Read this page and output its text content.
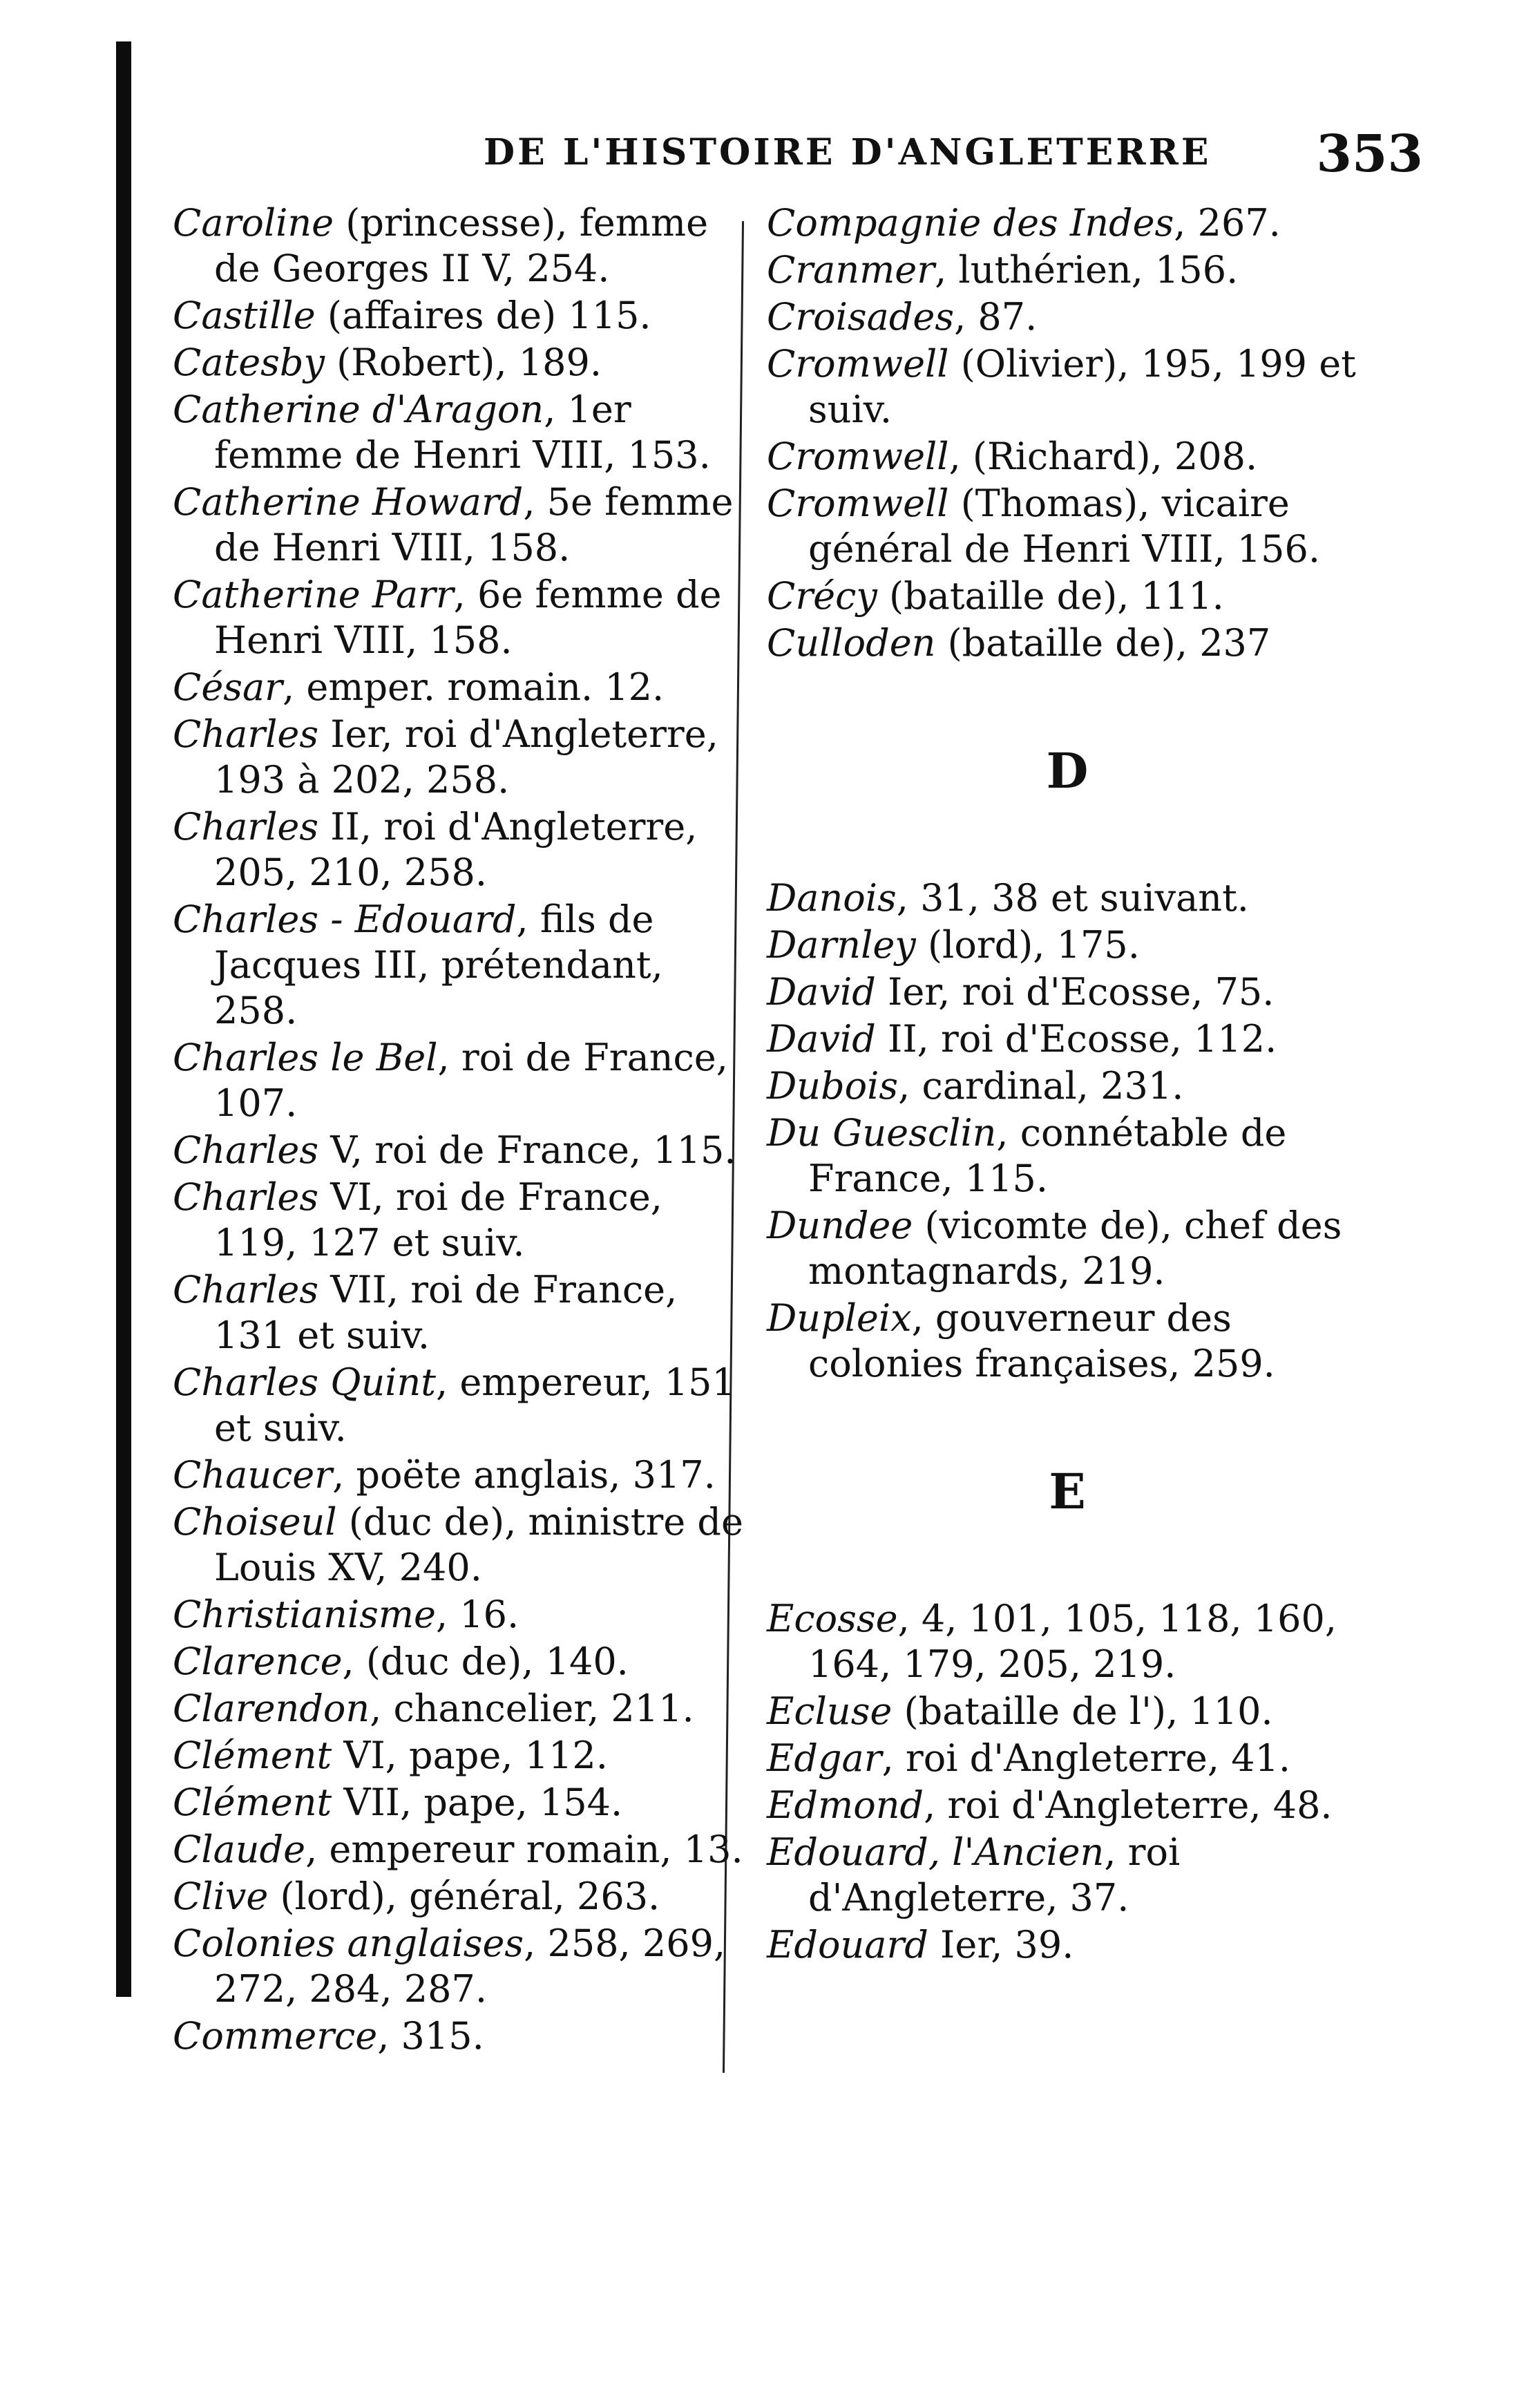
DE L'HISTOIRE D'ANGLETERRE 353
Caroline (princesse), femme de Georges II V, 254.
Castille (affaires de) 115.
Catesby (Robert), 189.
Catherine d'Aragon, 1er femme de Henri VIII, 153.
Catherine Howard, 5e femme de Henri VIII, 158.
Catherine Parr, 6e femme de Henri VIII, 158.
César, emper. romain. 12.
Charles Ier, roi d'Angleterre, 193 à 202, 258.
Charles II, roi d'Angleterre, 205, 210, 258.
Charles - Edouard, fils de Jacques III, prétendant, 258.
Charles le Bel, roi de France, 107.
Charles V, roi de France, 115.
Charles VI, roi de France, 119, 127 et suiv.
Charles VII, roi de France, 131 et suiv.
Charles Quint, empereur, 151 et suiv.
Chaucer, poëte anglais, 317.
Choiseul (duc de), ministre de Louis XV, 240.
Christianisme, 16.
Clarence, (duc de), 140.
Clarendon, chancelier, 211.
Clément VI, pape, 112.
Clément VII, pape, 154.
Claude, empereur romain, 13.
Clive (lord), général, 263.
Colonies anglaises, 258, 269, 272, 284, 287.
Commerce, 315.
Compagnie des Indes, 267.
Cranmer, luthérien, 156.
Croisades, 87.
Cromwell (Olivier), 195, 199 et suiv.
Cromwell, (Richard), 208.
Cromwell (Thomas), vicaire général de Henri VIII, 156.
Crécy (bataille de), 111.
Culloden (bataille de), 237
D
Danois, 31, 38 et suivant.
Darnley (lord), 175.
David Ier, roi d'Ecosse, 75.
David II, roi d'Ecosse, 112.
Dubois, cardinal, 231.
Du Guesclin, connétable de France, 115.
Dundee (vicomte de), chef des montagnards, 219.
Dupleix, gouverneur des colonies françaises, 259.
E
Ecosse, 4, 101, 105, 118, 160, 164, 179, 205, 219.
Ecluse (bataille de l'), 110.
Edgar, roi d'Angleterre, 41.
Edmond, roi d'Angleterre, 48.
Edouard, l'Ancien, roi d'Angleterre, 37.
Edouard Ier, 39.
